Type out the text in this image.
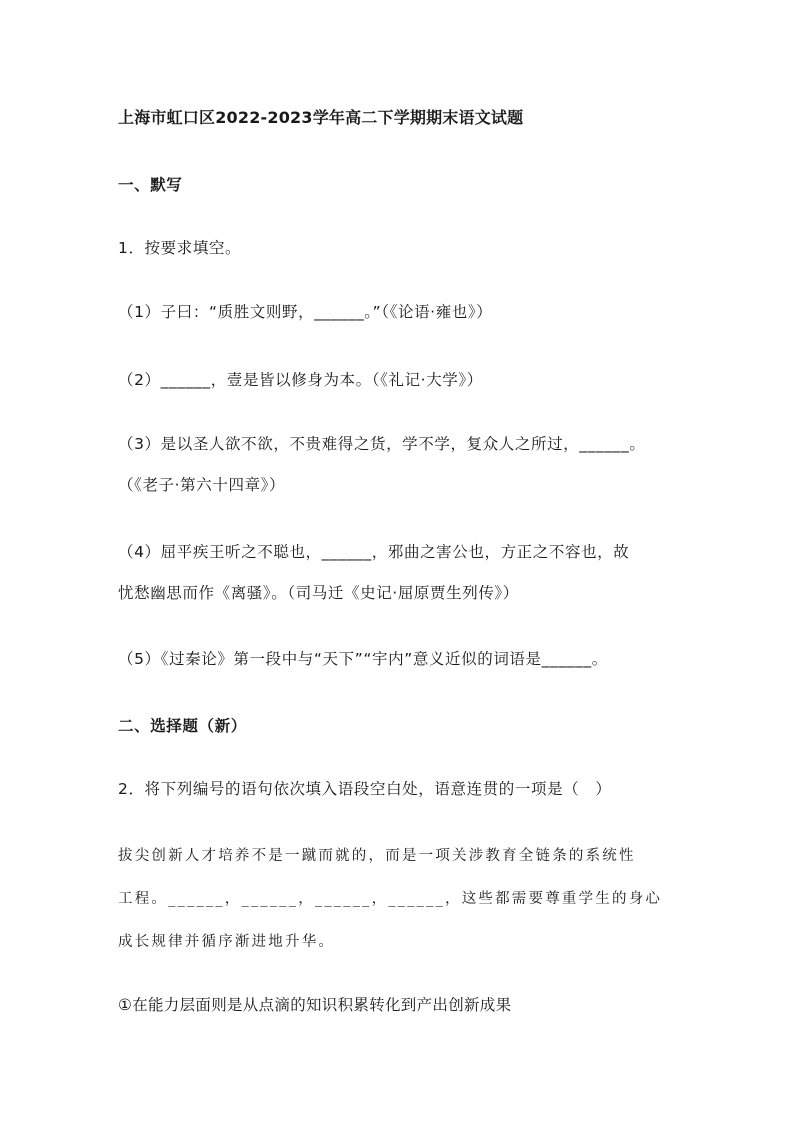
上海市虹口区2022-2023学年高二下学期期末语文试题
一、默写
1．按要求填空。
（1）子曰：“质胜文则野，______。”（《论语·雍也》）
（2）______，壹是皆以修身为本。（《礼记·大学》）
（3）是以圣人欲不欲，不贵难得之货，学不学，复众人之所过，______。
（《老子·第六十四章》）
（4）屈平疾王听之不聪也，______，邪曲之害公也，方正之不容也，故
忧愁幽思而作《离骚》。（司马迁《史记·屈原贾生列传》）
（5）《过秦论》第一段中与“天下”“宇内”意义近似的词语是______。
二、选择题（新）
2．将下列编号的语句依次填入语段空白处，语意连贯的一项是（　）
拔尖创新人才培养不是一蹴而就的，而是一项关涉教育全链条的系统性
工程。______，______，______，______，这些都需要尊重学生的身心
成长规律并循序渐进地升华。
①在能力层面则是从点滴的知识积累转化到产出创新成果
